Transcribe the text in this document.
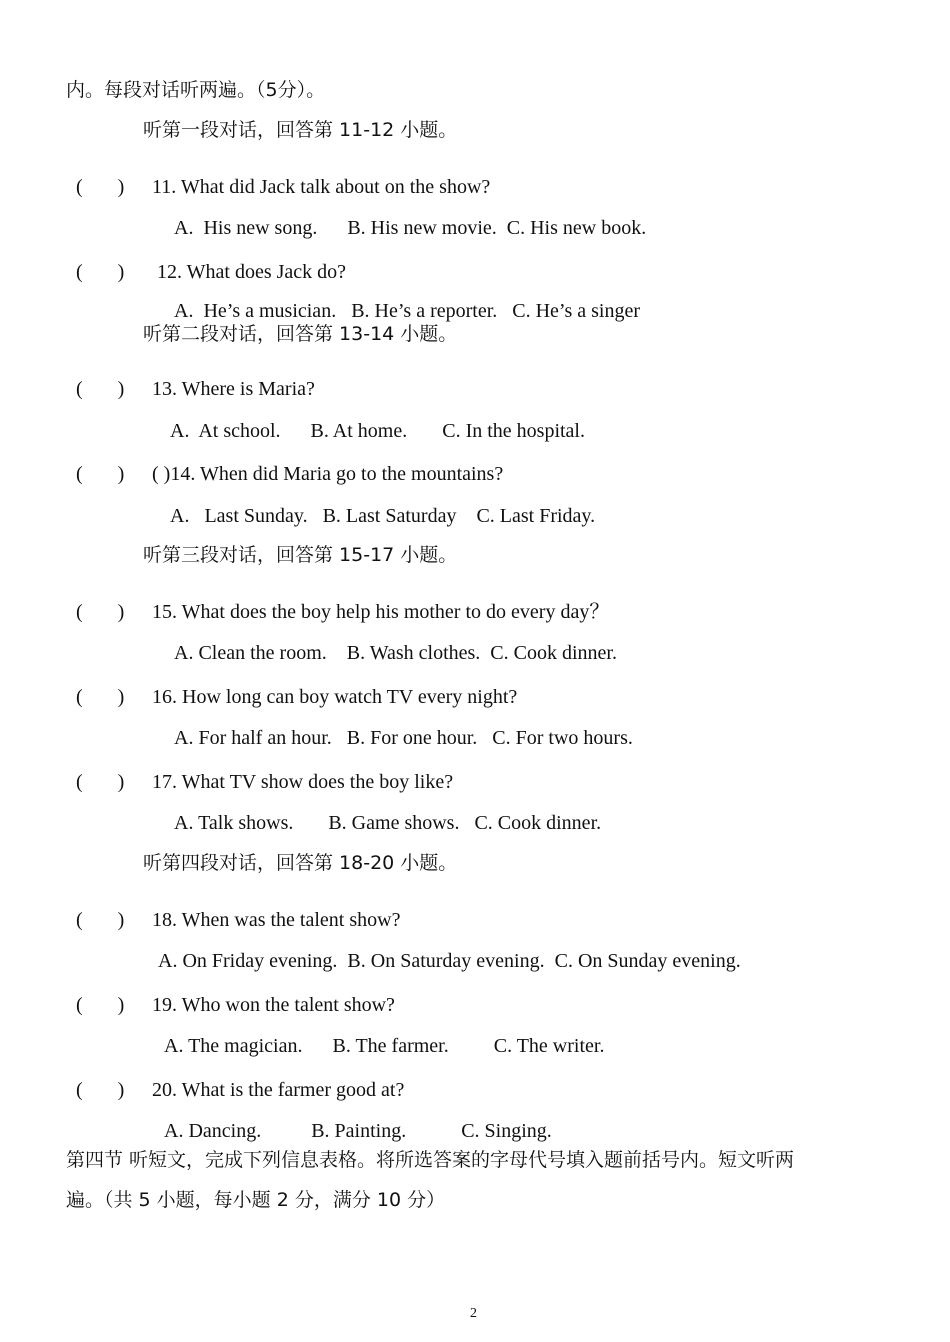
内。每段对话听两遍。（5分）。
听第一段对话，回答第 11-12 小题。
(       ) 11. What did Jack talk about on the show?
A.  His new song.      B. His new movie.  C. His new book.
(       ) 12. What does Jack do?
A.  He’s a musician.   B. He’s a reporter.   C. He’s a singer
听第二段对话，回答第 13-14 小题。
(       ) 13. Where is Maria?
A.  At school.      B. At home.       C. In the hospital.
(       ) ( )14. When did Maria go to the mountains?
A.   Last Sunday.   B. Last Saturday    C. Last Friday.
听第三段对话，回答第 15-17 小题。
(       ) 15. What does the boy help his mother to do every day？
A. Clean the room.    B. Wash clothes.  C. Cook dinner.
(       ) 16. How long can boy watch TV every night?
A. For half an hour.   B. For one hour.   C. For two hours.
(       ) 17. What TV show does the boy like?
A. Talk shows.       B. Game shows.   C. Cook dinner.
听第四段对话，回答第 18-20 小题。
(       ) 18. When was the talent show?
A. On Friday evening.  B. On Saturday evening.  C. On Sunday evening.
(       ) 19. Who won the talent show?
A. The magician.      B. The farmer.         C. The writer.
(       ) 20. What is the farmer good at?
A. Dancing.          B. Painting.           C. Singing.
第四节 听短文，完成下列信息表格。将所选答案的字母代号填入题前括号内。短文听两
遍。（共 5 小题，每小题 2 分，满分 10 分）
2
